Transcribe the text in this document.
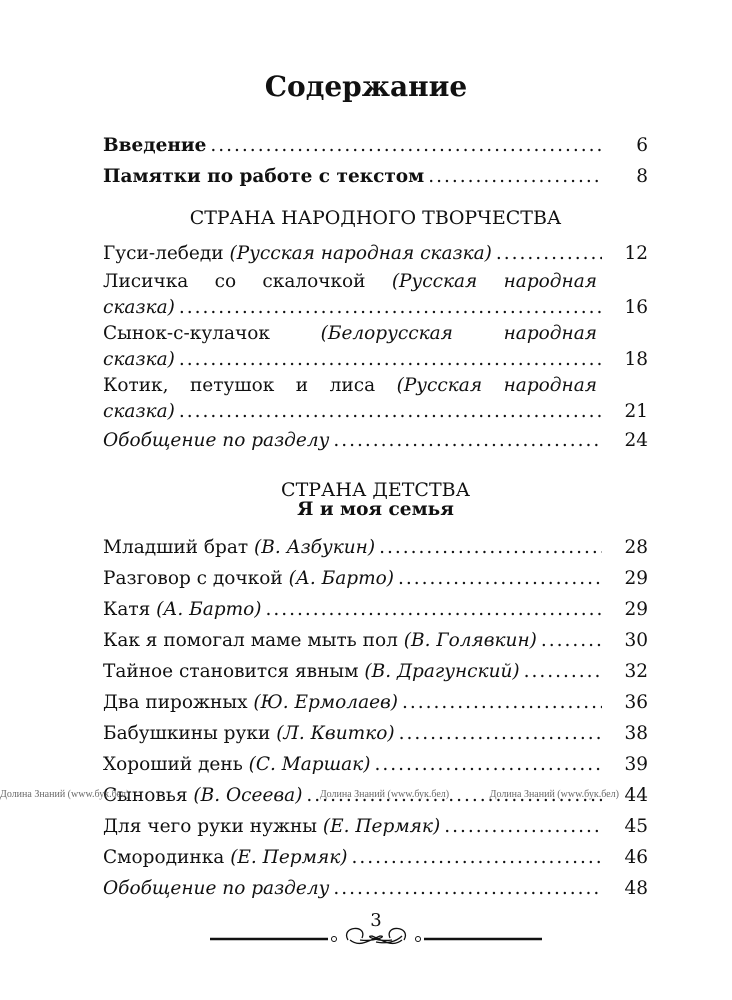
Содержание
Введение .....	6
Памятки по работе с текстом .....	8
СТРАНА НАРОДНОГО ТВОРЧЕСТВА
Гуси-лебеди (Русская народная сказка) .....	12
Лисичка со скалочкой (Русская народная
сказка) .....	16
Сынок-с-кулачок	(Белорусская народная
сказка) .....	18
Котик, петушок и лиса (Русская народная
сказка) .....	21
Обобщение по разделу .....	24
СТРАНА ДЕТСТВА
Я и моя семья
Младший брат (В. Азбукин) .....	28
Разговор с дочкой (А. Барто) .....	29
Катя (А. Барто) .....	29
Как я помогал маме мыть пол (В. Голявкин) .....	30
Тайное становится явным (В. Драгунский) .....	32
Два пирожных (Ю. Ермолаев) .....	36
Бабушкины руки (Л. Квитко) .....	38
Хороший день (С. Маршак) .....	39
Сыновья (В. Осеева) .....	44
Для чего руки нужны (Е. Пермяк) .....	45
Смородинка (Е. Пермяк) .....	46
Обобщение по разделу .....	48
Долина Знаний (www.бук.бел)	Долина Знаний (www.бук.бел)	Долина Знаний (www.бук.бел)
3
